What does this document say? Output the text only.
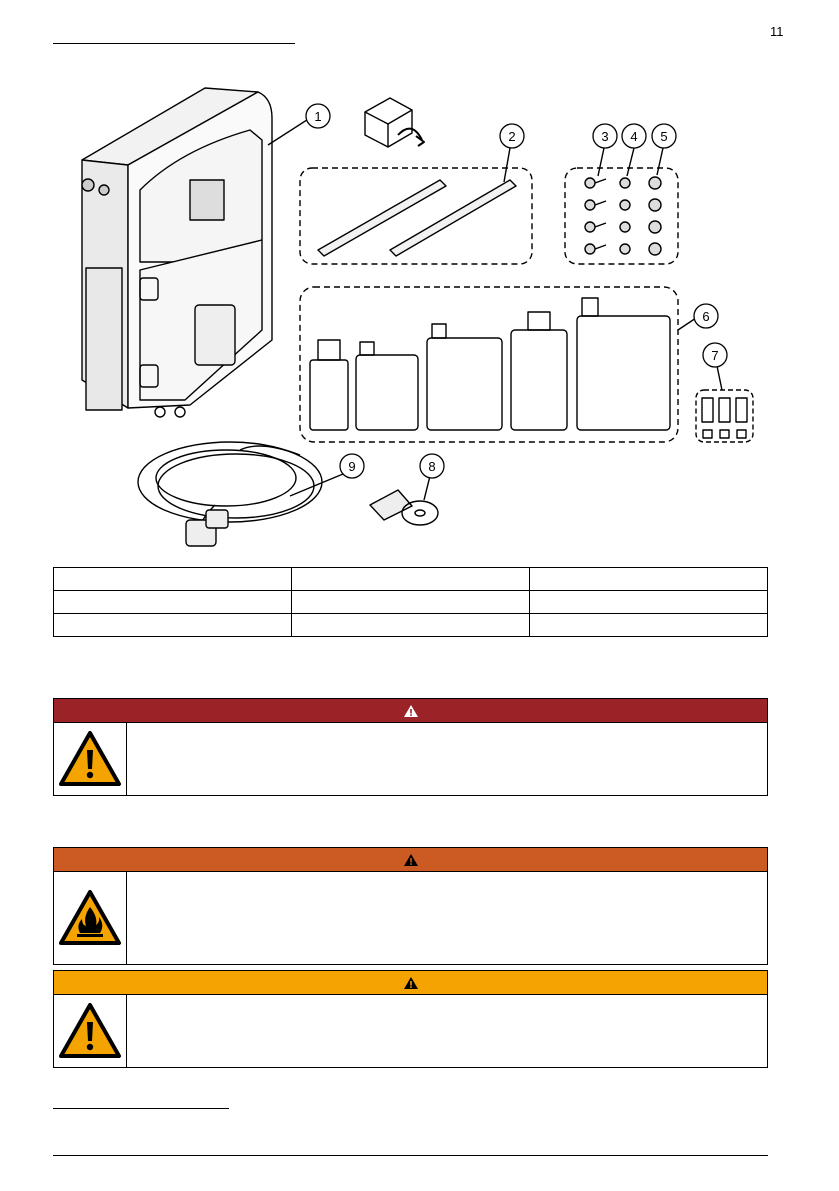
11
1
2	3 4 5
6
7
8
9
